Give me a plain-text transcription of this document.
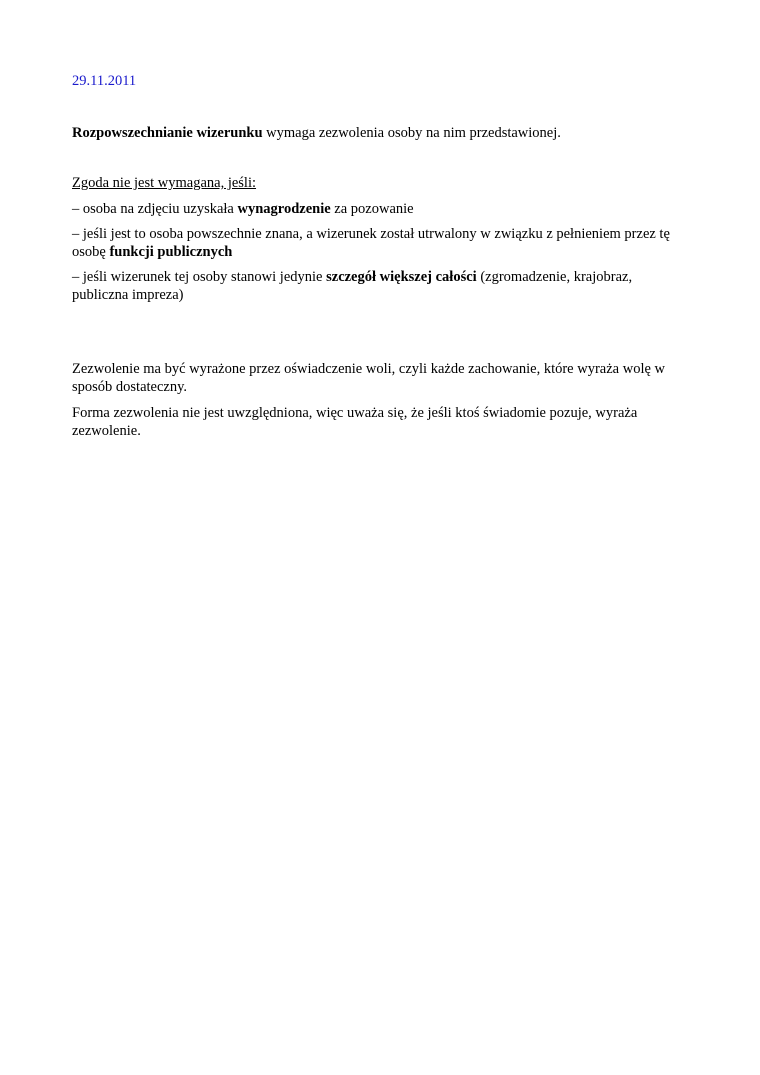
29.11.2011

Rozpowszechnianie wizerunku wymaga zezwolenia osoby na nim przedstawionej.

Zgoda nie jest wymagana, jeśli:

– osoba na zdjęciu uzyskała wynagrodzenie za pozowanie

– jeśli jest to osoba powszechnie znana, a wizerunek został utrwalony w związku z pełnieniem przez tę osobę funkcji publicznych

– jeśli wizerunek tej osoby stanowi jedynie szczegół większej całości (zgromadzenie, krajobraz, publiczna impreza)

Zezwolenie ma być wyrażone przez oświadczenie woli, czyli każde zachowanie, które wyraża wolę w sposób dostateczny.

Forma zezwolenia nie jest uwzględniona, więc uważa się, że jeśli ktoś świadomie pozuje, wyraża zezwolenie.
